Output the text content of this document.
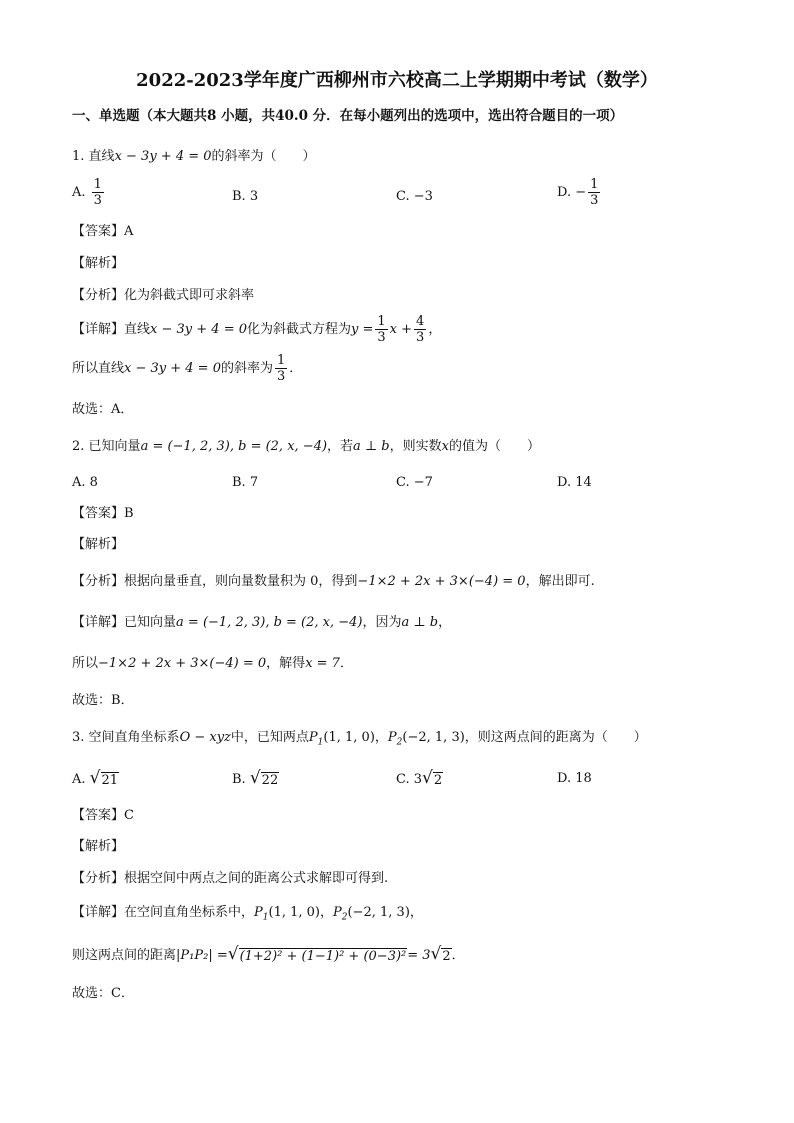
2022-2023学年度广西柳州市六校高二上学期期中考试（数学）
一、单选题（本大题共8 小题，共40.0 分．在每小题列出的选项中，选出符合题目的一项）
1. 直线x − 3y + 4 = 0的斜率为（　　）
A. $\frac{1}{3}$	B. 3	C. −3	D. − $\frac{1}{3}$
【答案】A
【解析】
【分析】化为斜截式即可求斜率
【详解】直线x − 3y + 4 = 0化为斜截式方程为$y = \frac{1}{3}$ $x + \frac{4}{3}$ ，
所以直线x − 3y + 4 = 0的斜率为 $\frac{1}{3}$ ．
故选：A．
2. 已知向量a = (−1, 2, 3), b = (2, x, −4)，若a ⊥ b，则实数x的值为（　　）
A. 8	B. 7	C. −7	D. 14
【答案】B
【解析】
【分析】根据向量垂直，则向量数量积为 0，得到−1×2 + 2x + 3×(−4) = 0，解出即可.
【详解】已知向量a = (−1, 2, 3), b = (2, x, −4)，因为a ⊥ b，
所以−1×2 + 2x + 3×(−4) = 0，解得x = 7．
故选：B．
3. 空间直角坐标系O − xyz中，已知两点$P_1(1$, 1, 0)，$P_2(-2$, 1, 3)，则这两点间的距离为（　　）
A. √ 21	B. √ 22	C. 3 √ 2	D. 18
【答案】C
【解析】
【分析】根据空间中两点之间的距离公式求解即可得到.
【详解】在空间直角坐标系中，$P_1(1$, 1, 0)，$P_2(-2$, 1, 3)，
则这两点间的距离|P₁P₂| = √ (1+2)² + (1−1)² + (0−3)² = 3 √ 2 ．
故选：C．
